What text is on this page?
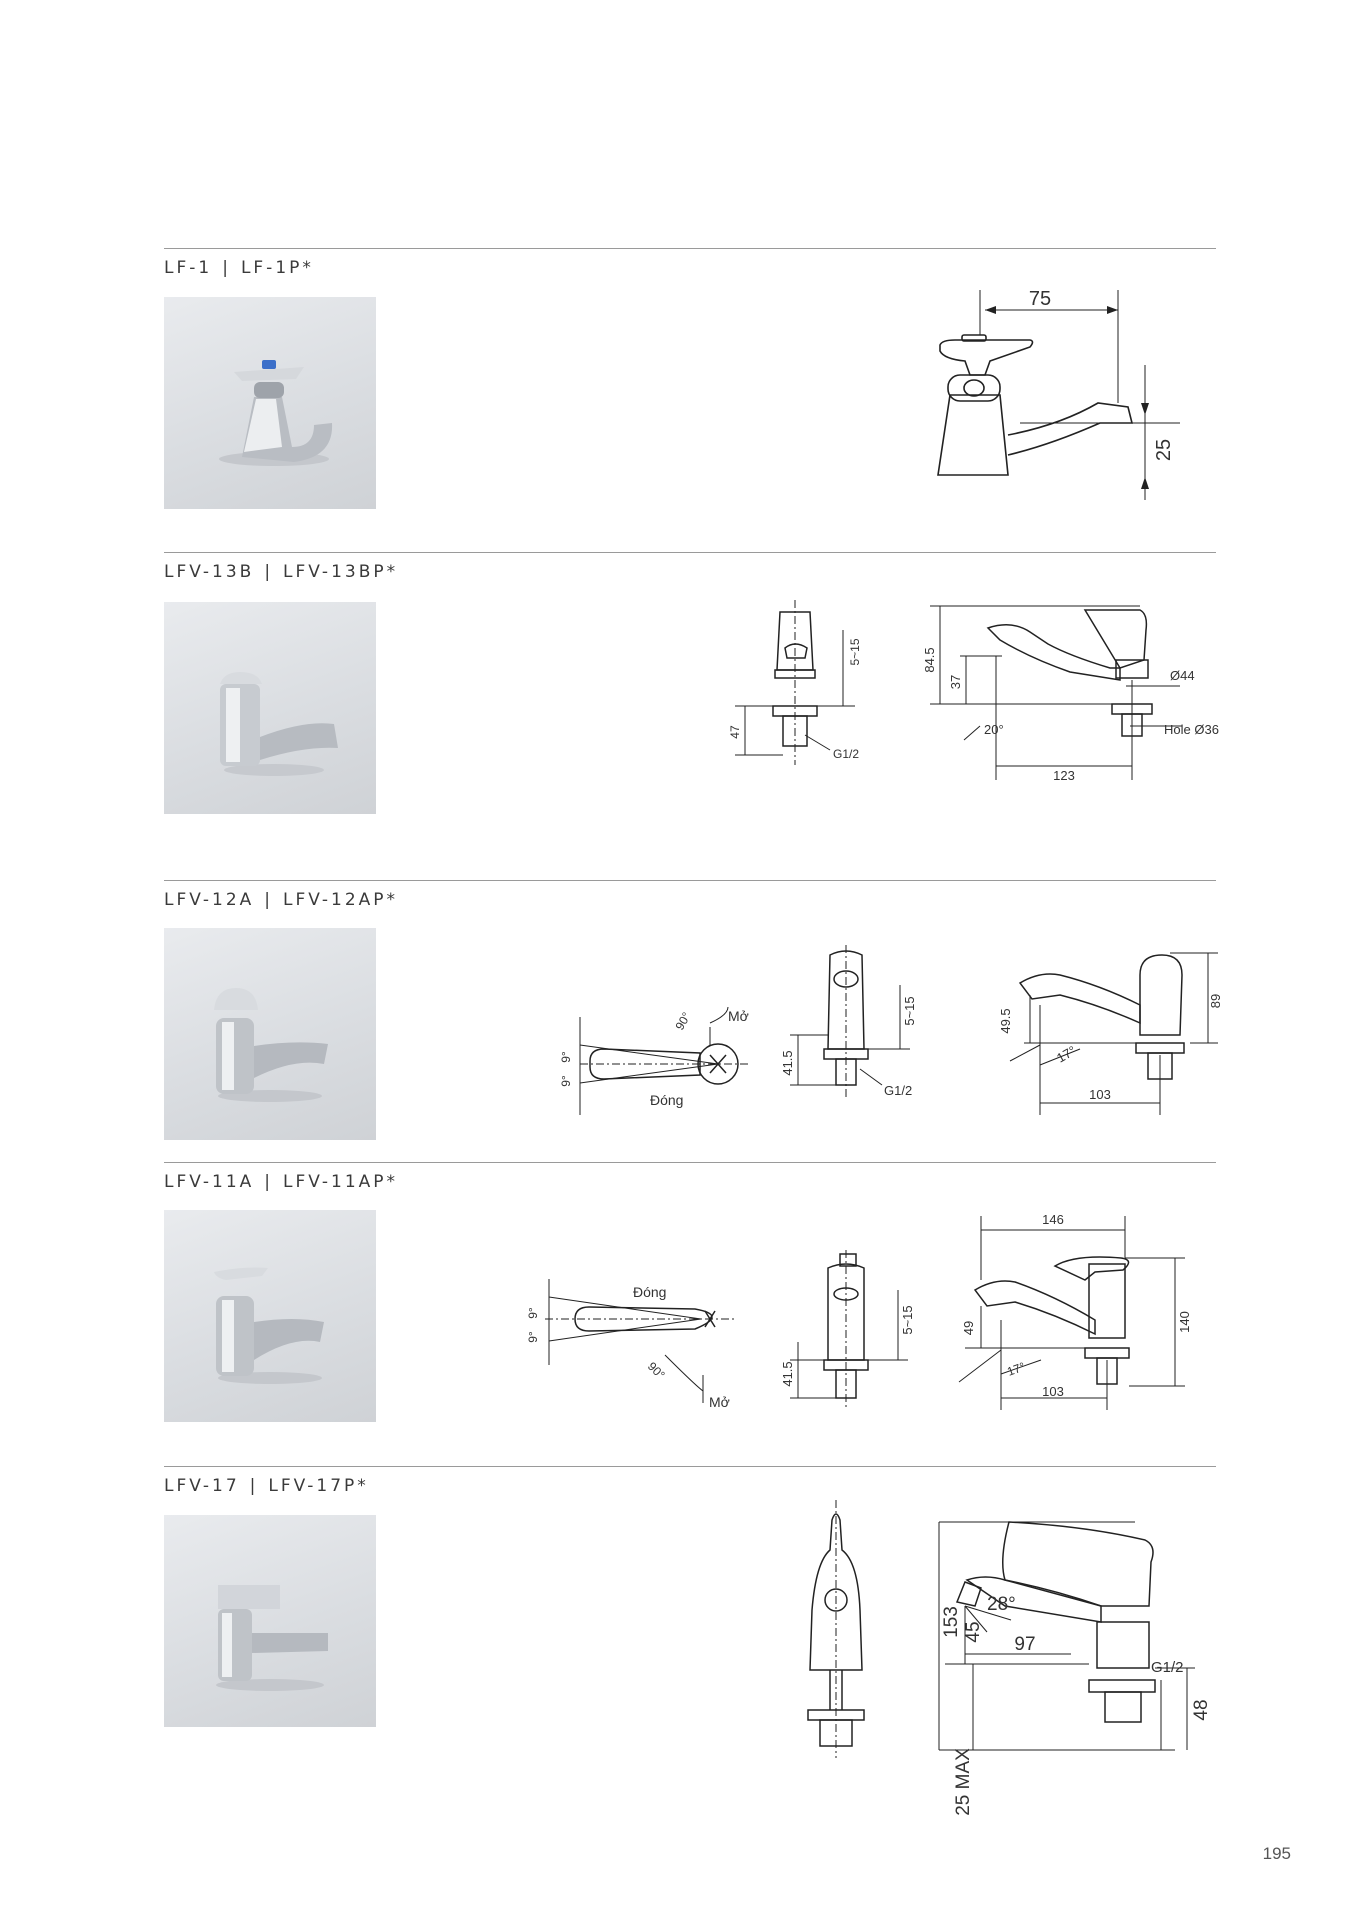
LF-1 | LF-1P*
75
25
LFV-13B | LFV-13BP*
47
5~15
G1/2
84.5
37	Ø44
Hole Ø36
20°
123
LFV-12A | LFV-12AP*
9°
9°
90° Mở
Đóng
41.5
5~15
G1/2
89
49.5
17°
103
LFV-11A | LFV-11AP*
9°
9°
Đóng
90°
Mở
41.5
5~15
146
140
49
17°
103
LFV-17 | LFV-17P*
153 45
28°
97
25 MAX
G1/2
48
195
